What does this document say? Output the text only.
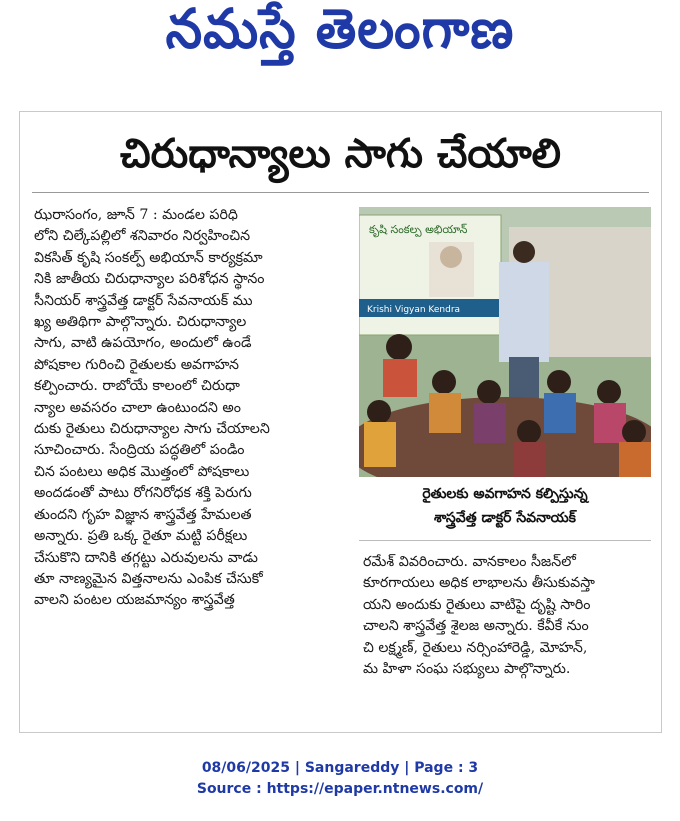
నమస్తే తెలంగాణ
చిరుధాన్యాలు సాగు చేయాలి

ఝరాసంగం, జూన్ 7 : మండల పరిధి

లోని చిల్కేపల్లిలో శనివారం నిర్వహించిన

వికసిత్ కృషి సంకల్ప్ అభియాన్ కార్యక్రమా

నికి జాతీయ చిరుధాన్యాల పరిశోధన స్థానం

సీనియర్ శాస్త్రవేత్త డాక్టర్ సేవనాయక్ ము

ఖ్య అతిథిగా పాల్గొన్నారు. చిరుధాన్యాల

సాగు, వాటి ఉపయోగం, అందులో ఉండే

పోషకాల గురించి రైతులకు అవగాహన

కల్పించారు. రాబోయే కాలంలో చిరుధా

న్యాల అవసరం చాలా ఉంటుందని అం

దుకు రైతులు చిరుధాన్యాల సాగు చేయాలని

సూచించారు. సేంద్రియ పద్ధతిలో పండిం

చిన పంటలు అధిక మొత్తంలో పోషకాలు

అందడంతో పాటు రోగనిరోధక శక్తి పెరుగు

తుందని గృహ విజ్ఞాన శాస్త్రవేత్త హేమలత

అన్నారు. ప్రతి ఒక్క రైతూ మట్టి పరీక్షలు

చేసుకొని దానికి తగ్గట్టు ఎరువులను వాడు

తూ నాణ్యమైన విత్తనాలను ఎంపిక చేసుకో

వాలని పంటల యజమాన్యం శాస్త్రవేత్త

కృషి సంకల్ప అభియాన్
Krishi Vigyan Kendra
రైతులకు అవగాహన కల్పిస్తున్న
శాస్త్రవేత్త డాక్టర్ సేవనాయక్

రమేశ్ వివరించారు. వానకాలం సీజన్‌లో

కూరగాయలు అధిక లాభాలను తీసుకువస్తా

యని అందుకు రైతులు వాటిపై దృష్టి సారిం

చాలని శాస్త్రవేత్త శైలజ అన్నారు. కేవీకే నుం

చి లక్ష్మణ్, రైతులు నర్సింహారెడ్డి, మోహన్,

మ హిళా సంఘ సభ్యులు పాల్గొన్నారు.

08/06/2025 | Sangareddy | Page : 3
Source : https://epaper.ntnews.com/
